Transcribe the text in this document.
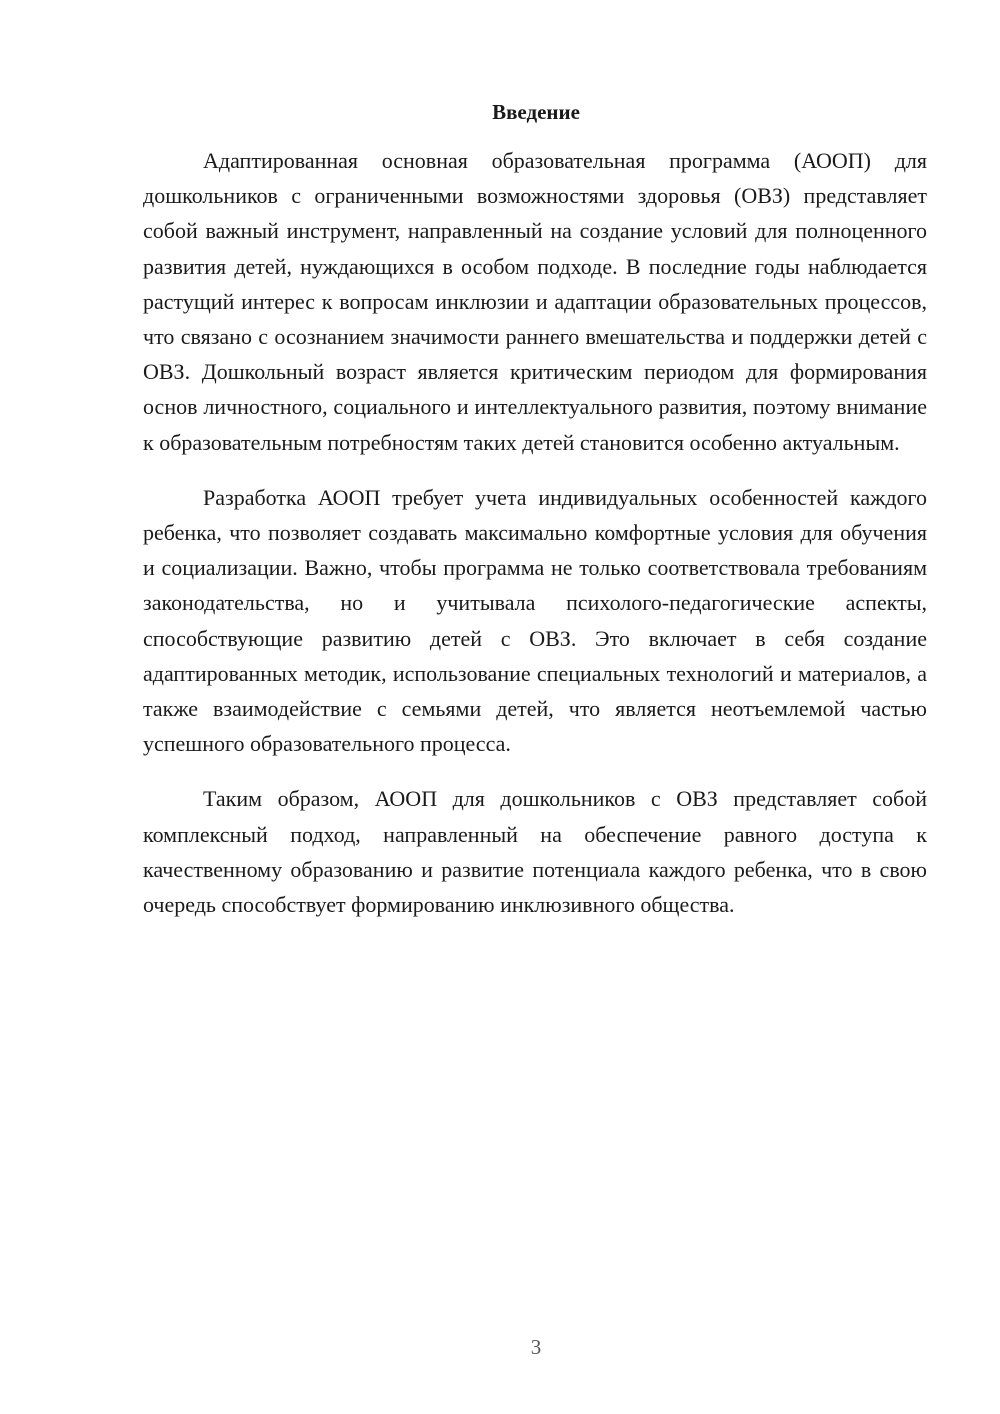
Введение

Адаптированная основная образовательная программа (АООП) для дошкольников с ограниченными возможностями здоровья (ОВЗ) представляет собой важный инструмент, направленный на создание условий для полноценного развития детей, нуждающихся в особом подходе. В последние годы наблюдается растущий интерес к вопросам инклюзии и адаптации образовательных процессов, что связано с осознанием значимости раннего вмешательства и поддержки детей с ОВЗ. Дошкольный возраст является критическим периодом для формирования основ личностного, социального и интеллектуального развития, поэтому внимание к образовательным потребностям таких детей становится особенно актуальным.

Разработка АООП требует учета индивидуальных особенностей каждого ребенка, что позволяет создавать максимально комфортные условия для обучения и социализации. Важно, чтобы программа не только соответствовала требованиям законодательства, но и учитывала психолого-педагогические аспекты, способствующие развитию детей с ОВЗ. Это включает в себя создание адаптированных методик, использование специальных технологий и материалов, а также взаимодействие с семьями детей, что является неотъемлемой частью успешного образовательного процесса.

Таким образом, АООП для дошкольников с ОВЗ представляет собой комплексный подход, направленный на обеспечение равного доступа к качественному образованию и развитие потенциала каждого ребенка, что в свою очередь способствует формированию инклюзивного общества.

3
